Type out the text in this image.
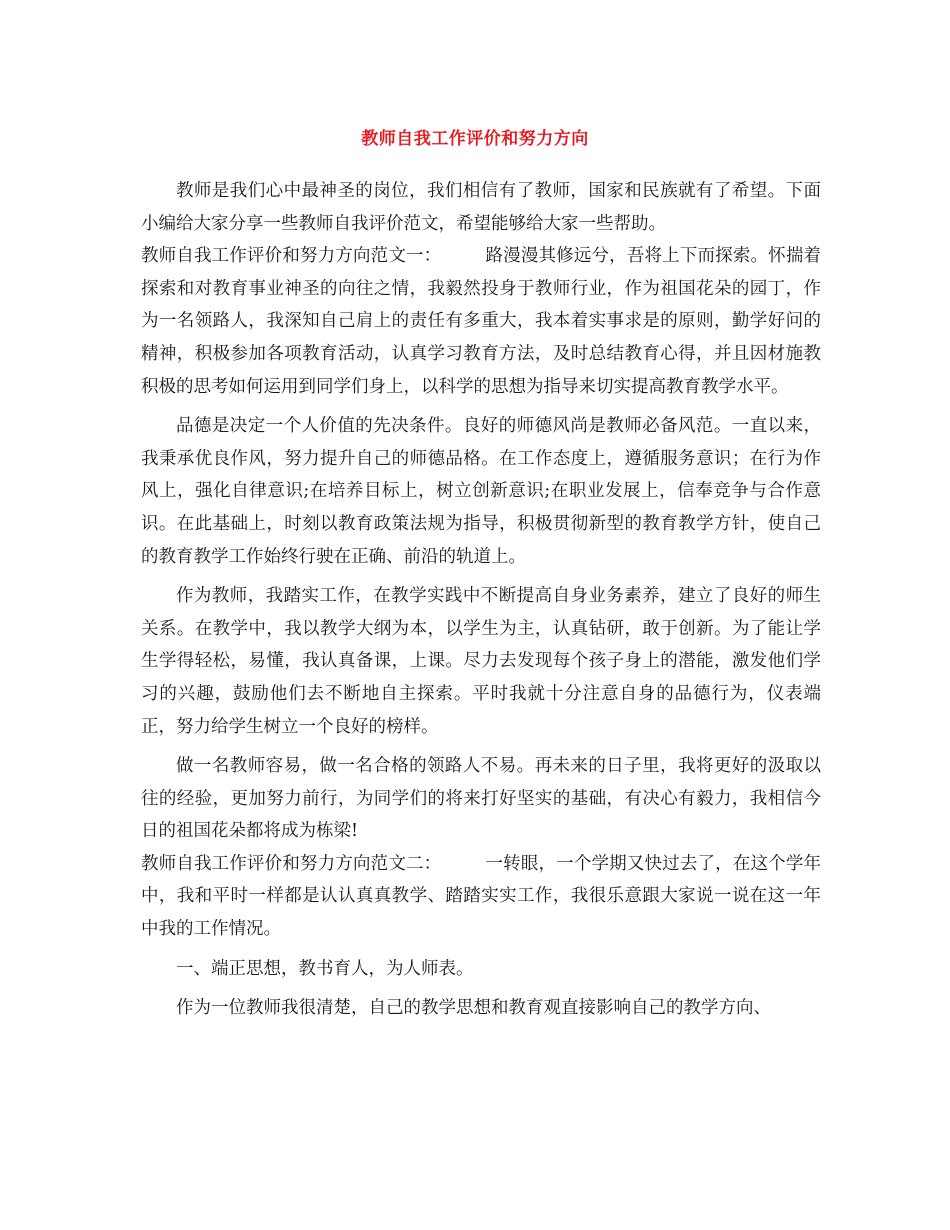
教师自我工作评价和努力方向

教师是我们心中最神圣的岗位，我们相信有了教师，国家和民族就有了希望。下面小编给大家分享一些教师自我评价范文，希望能够给大家一些帮助。

教师自我工作评价和努力方向范文一：	路漫漫其修远兮，吾将上下而探索。怀揣着探索和对教育事业神圣的向往之情，我毅然投身于教师行业，作为祖国花朵的园丁，作为一名领路人，我深知自己肩上的责任有多重大，我本着实事求是的原则，勤学好问的精神，积极参加各项教育活动，认真学习教育方法，及时总结教育心得，并且因材施教积极的思考如何运用到同学们身上，以科学的思想为指导来切实提高教育教学水平。

品德是决定一个人价值的先决条件。良好的师德风尚是教师必备风范。一直以来，我秉承优良作风，努力提升自己的师德品格。在工作态度上，遵循服务意识；在行为作风上，强化自律意识;在培养目标上，树立创新意识;在职业发展上，信奉竞争与合作意识。在此基础上，时刻以教育政策法规为指导，积极贯彻新型的教育教学方针，使自己的教育教学工作始终行驶在正确、前沿的轨道上。

作为教师，我踏实工作，在教学实践中不断提高自身业务素养，建立了良好的师生关系。在教学中，我以教学大纲为本，以学生为主，认真钻研，敢于创新。为了能让学生学得轻松，易懂，我认真备课，上课。尽力去发现每个孩子身上的潜能，激发他们学习的兴趣，鼓励他们去不断地自主探索。平时我就十分注意自身的品德行为，仪表端正，努力给学生树立一个良好的榜样。

做一名教师容易，做一名合格的领路人不易。再未来的日子里，我将更好的汲取以往的经验，更加努力前行，为同学们的将来打好坚实的基础，有决心有毅力，我相信今日的祖国花朵都将成为栋梁!

教师自我工作评价和努力方向范文二：	一转眼，一个学期又快过去了，在这个学年中，我和平时一样都是认认真真教学、踏踏实实工作，我很乐意跟大家说一说在这一年中我的工作情况。

一、端正思想，教书育人，为人师表。

作为一位教师我很清楚，自己的教学思想和教育观直接影响自己的教学方向、
